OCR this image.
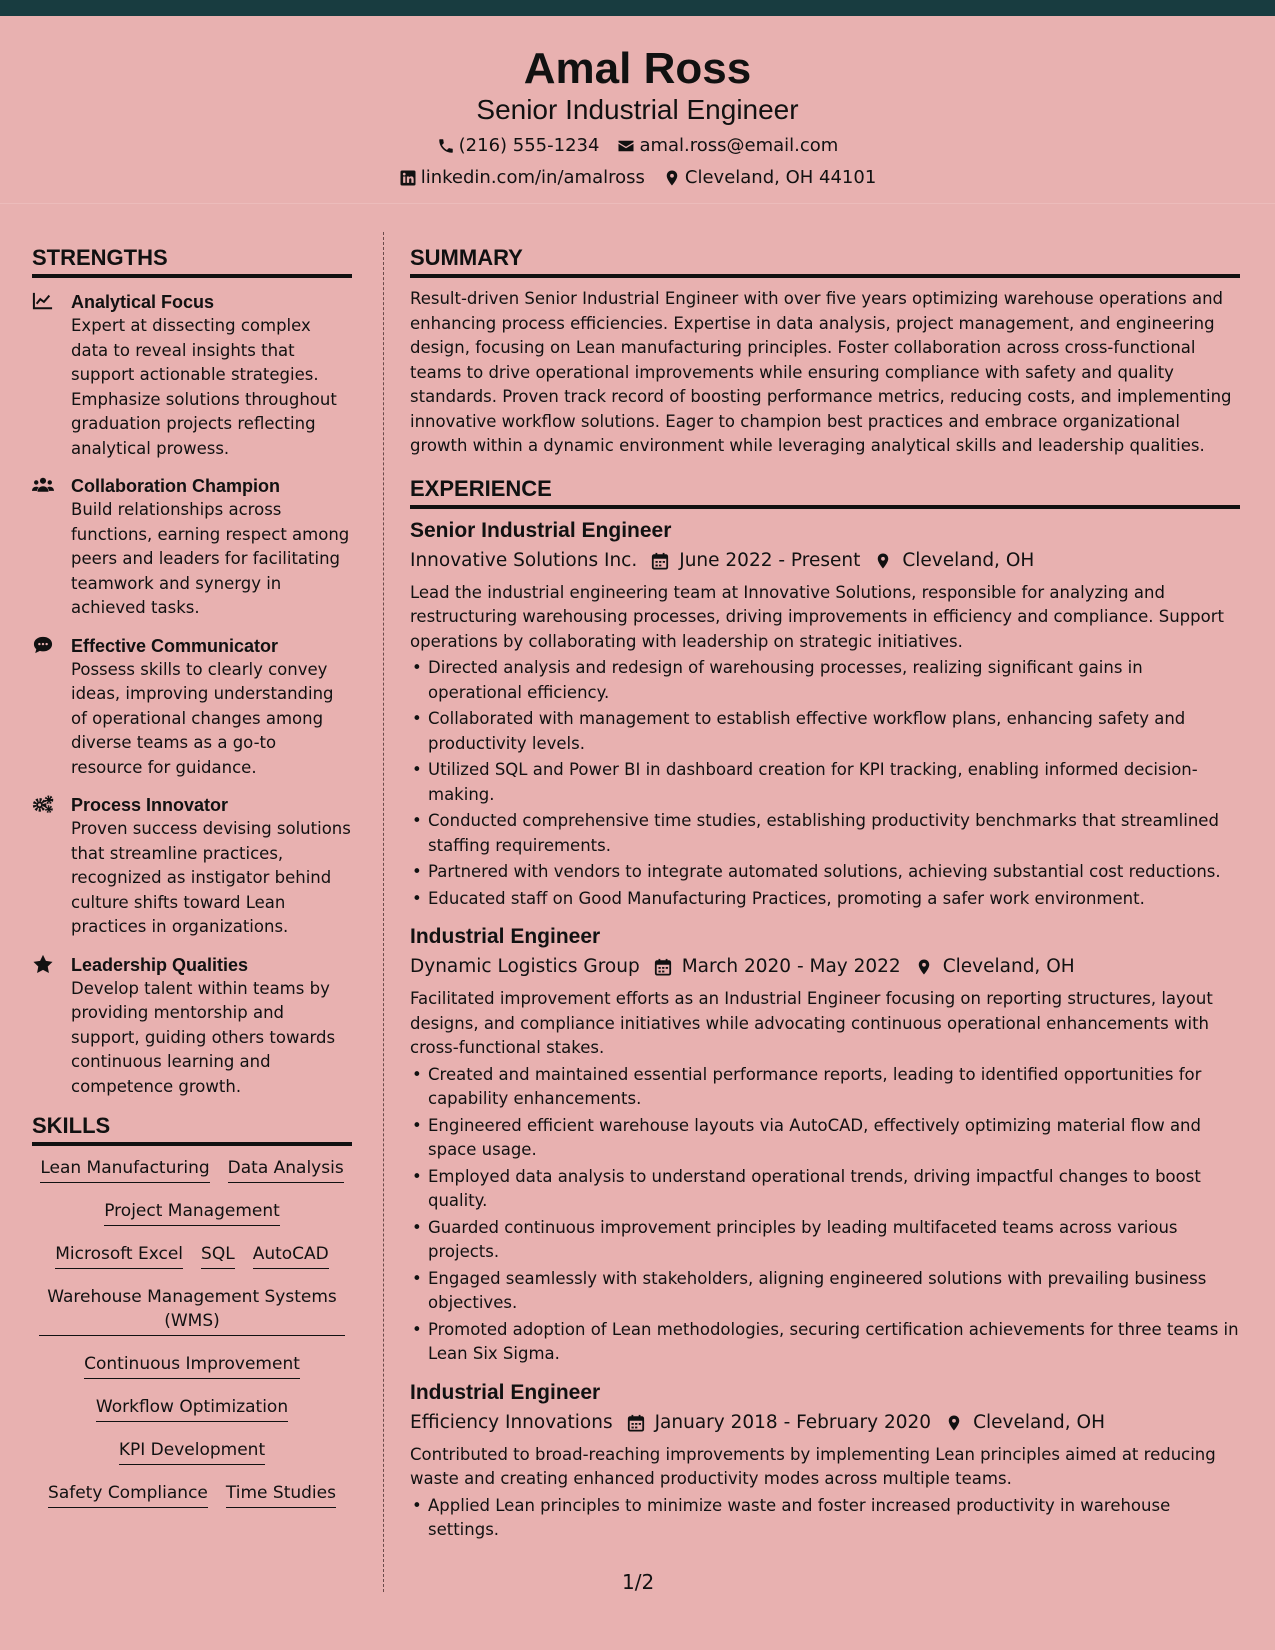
Amal Ross
Senior Industrial Engineer
(216) 555-1234 amal.ross@email.com
linkedin.com/in/amalross Cleveland, OH 44101
STRENGTHS
Analytical Focus
Expert at dissecting complex data to reveal insights that support actionable strategies. Emphasize solutions throughout graduation projects reflecting analytical prowess.
Collaboration Champion
Build relationships across functions, earning respect among peers and leaders for facilitating teamwork and synergy in achieved tasks.
Effective Communicator
Possess skills to clearly convey ideas, improving understanding of operational changes among diverse teams as a go-to resource for guidance.
Process Innovator
Proven success devising solutions that streamline practices, recognized as instigator behind culture shifts toward Lean practices in organizations.
Leadership Qualities
Develop talent within teams by providing mentorship and support, guiding others towards continuous learning and competence growth.
SKILLS
Lean Manufacturing Data Analysis
Project Management
Microsoft Excel SQL AutoCAD
Warehouse Management Systems (WMS)
Continuous Improvement
Workflow Optimization
KPI Development
Safety Compliance Time Studies
SUMMARY
Result-driven Senior Industrial Engineer with over five years optimizing warehouse operations and enhancing process efficiencies. Expertise in data analysis, project management, and engineering design, focusing on Lean manufacturing principles. Foster collaboration across cross-functional teams to drive operational improvements while ensuring compliance with safety and quality standards. Proven track record of boosting performance metrics, reducing costs, and implementing innovative workflow solutions. Eager to champion best practices and embrace organizational growth within a dynamic environment while leveraging analytical skills and leadership qualities.
EXPERIENCE
Senior Industrial Engineer
Innovative Solutions Inc. June 2022 - Present Cleveland, OH
Lead the industrial engineering team at Innovative Solutions, responsible for analyzing and restructuring warehousing processes, driving improvements in efficiency and compliance. Support operations by collaborating with leadership on strategic initiatives.
• Directed analysis and redesign of warehousing processes, realizing significant gains in operational efficiency.
• Collaborated with management to establish effective workflow plans, enhancing safety and productivity levels.
• Utilized SQL and Power BI in dashboard creation for KPI tracking, enabling informed decision-making.
• Conducted comprehensive time studies, establishing productivity benchmarks that streamlined staffing requirements.
• Partnered with vendors to integrate automated solutions, achieving substantial cost reductions.
• Educated staff on Good Manufacturing Practices, promoting a safer work environment.
Industrial Engineer
Dynamic Logistics Group March 2020 - May 2022 Cleveland, OH
Facilitated improvement efforts as an Industrial Engineer focusing on reporting structures, layout designs, and compliance initiatives while advocating continuous operational enhancements with cross-functional stakes.
• Created and maintained essential performance reports, leading to identified opportunities for capability enhancements.
• Engineered efficient warehouse layouts via AutoCAD, effectively optimizing material flow and space usage.
• Employed data analysis to understand operational trends, driving impactful changes to boost quality.
• Guarded continuous improvement principles by leading multifaceted teams across various projects.
• Engaged seamlessly with stakeholders, aligning engineered solutions with prevailing business objectives.
• Promoted adoption of Lean methodologies, securing certification achievements for three teams in Lean Six Sigma.
Industrial Engineer
Efficiency Innovations January 2018 - February 2020 Cleveland, OH
Contributed to broad-reaching improvements by implementing Lean principles aimed at reducing waste and creating enhanced productivity modes across multiple teams.
• Applied Lean principles to minimize waste and foster increased productivity in warehouse settings.
1/2
